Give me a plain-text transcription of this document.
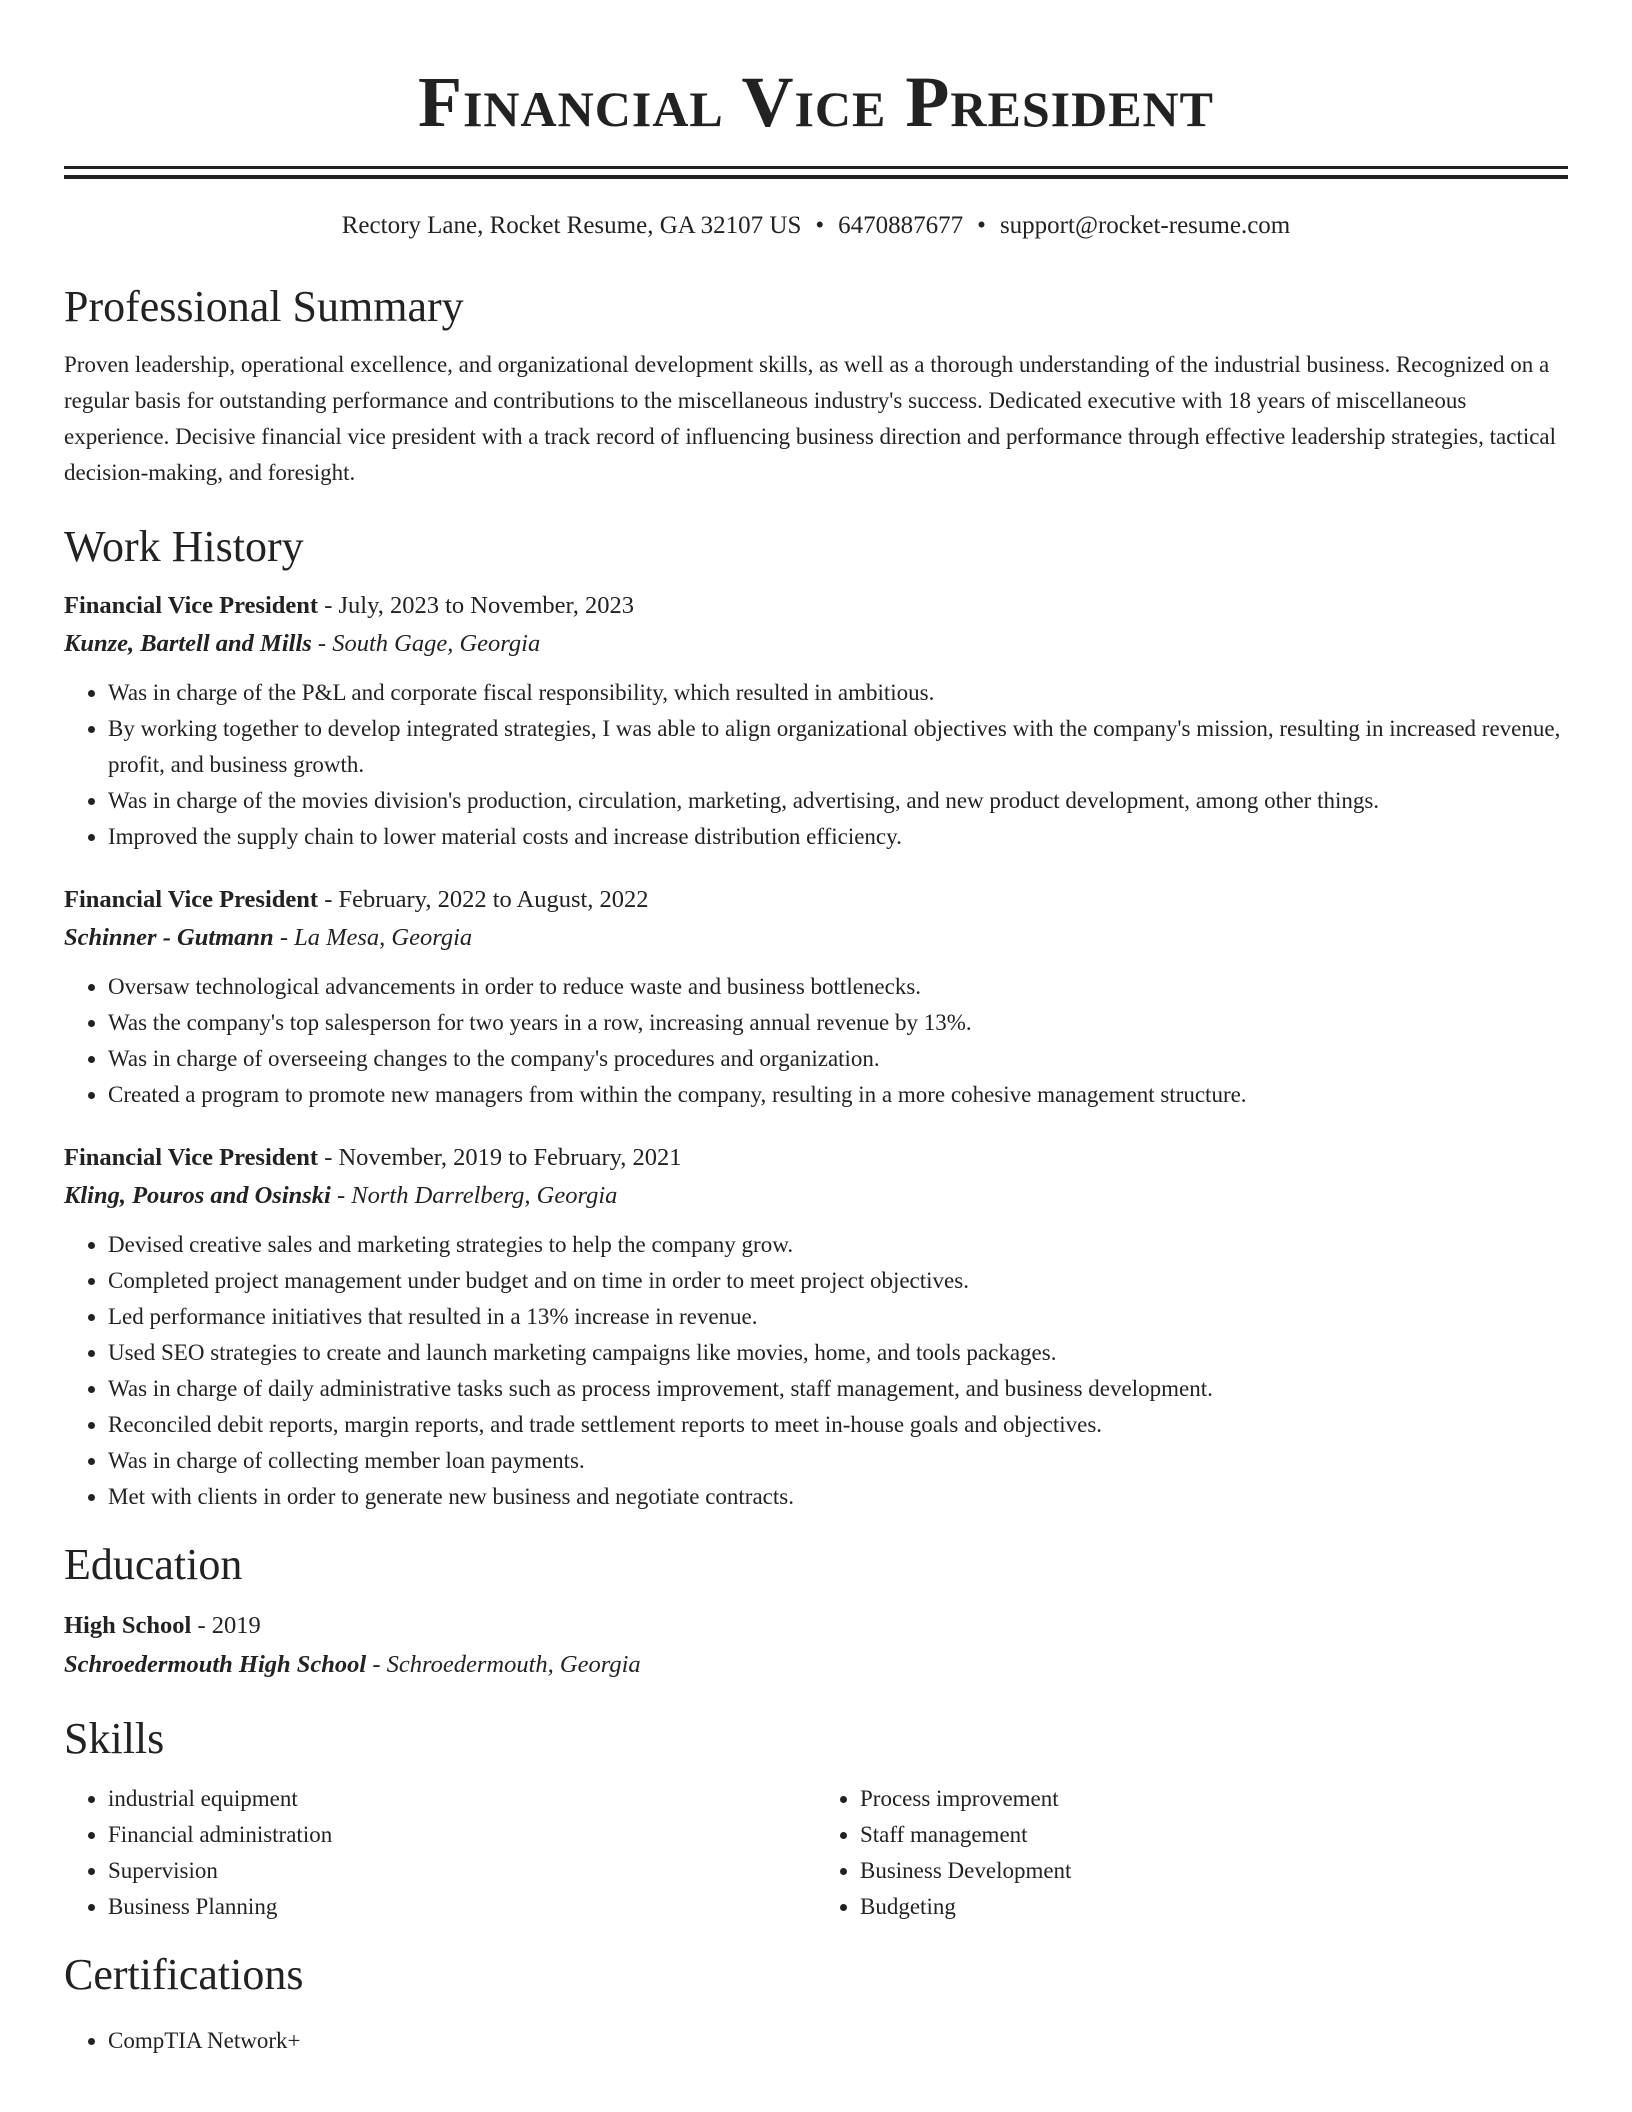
Financial Vice President
Rectory Lane, Rocket Resume, GA 32107 US • 6470887677 • support@rocket-resume.com
Professional Summary

Proven leadership, operational excellence, and organizational development skills, as well as a thorough understanding of the industrial business. Recognized on a regular basis for outstanding performance and contributions to the miscellaneous industry's success. Dedicated executive with 18 years of miscellaneous experience. Decisive financial vice president with a track record of influencing business direction and performance through effective leadership strategies, tactical decision-making, and foresight.

Work History
Financial Vice President - July, 2023 to November, 2023
Kunze, Bartell and Mills - South Gage, Georgia
• Was in charge of the P&L and corporate fiscal responsibility, which resulted in ambitious.
• By working together to develop integrated strategies, I was able to align organizational objectives with the company's mission, resulting in increased revenue, profit, and business growth.
• Was in charge of the movies division's production, circulation, marketing, advertising, and new product development, among other things.
• Improved the supply chain to lower material costs and increase distribution efficiency.
Financial Vice President - February, 2022 to August, 2022
Schinner - Gutmann - La Mesa, Georgia
• Oversaw technological advancements in order to reduce waste and business bottlenecks.
• Was the company's top salesperson for two years in a row, increasing annual revenue by 13%.
• Was in charge of overseeing changes to the company's procedures and organization.
• Created a program to promote new managers from within the company, resulting in a more cohesive management structure.
Financial Vice President - November, 2019 to February, 2021
Kling, Pouros and Osinski - North Darrelberg, Georgia
• Devised creative sales and marketing strategies to help the company grow.
• Completed project management under budget and on time in order to meet project objectives.
• Led performance initiatives that resulted in a 13% increase in revenue.
• Used SEO strategies to create and launch marketing campaigns like movies, home, and tools packages.
• Was in charge of daily administrative tasks such as process improvement, staff management, and business development.
• Reconciled debit reports, margin reports, and trade settlement reports to meet in-house goals and objectives.
• Was in charge of collecting member loan payments.
• Met with clients in order to generate new business and negotiate contracts.
Education
High School - 2019
Schroedermouth High School - Schroedermouth, Georgia
Skills
• industrial equipment
• Financial administration
• Supervision
• Business Planning
• Process improvement
• Staff management
• Business Development
• Budgeting
Certifications
• CompTIA Network+
